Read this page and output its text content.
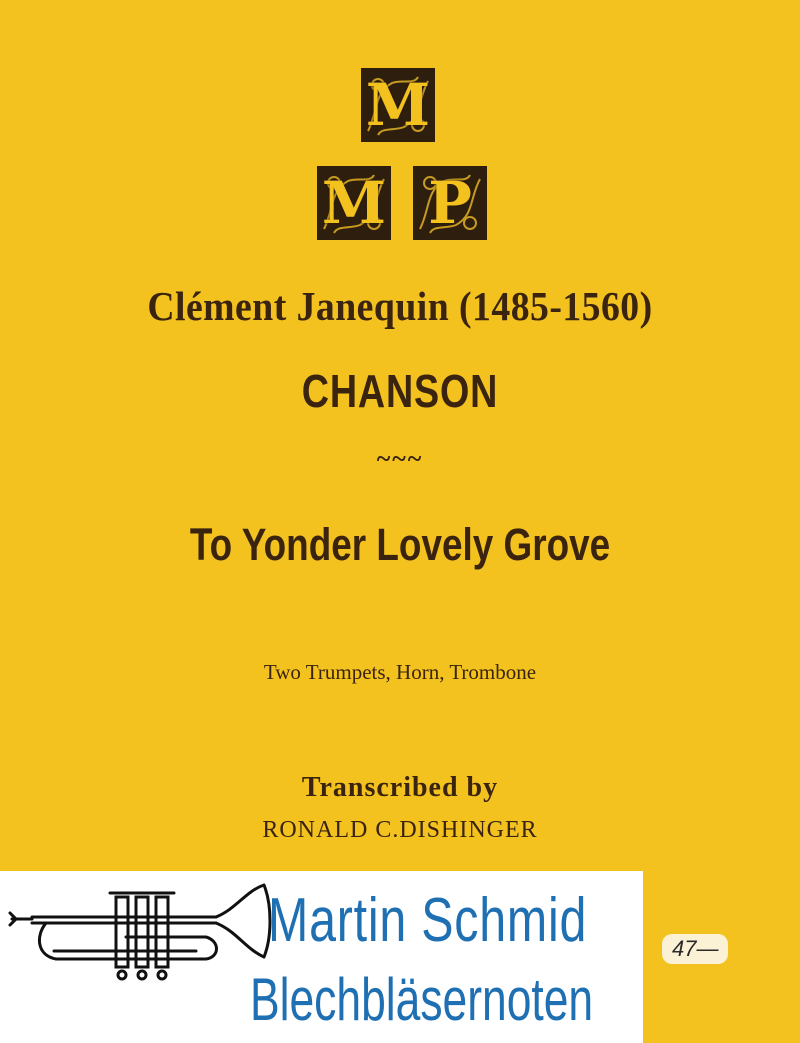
M
M P
Clément Janequin (1485-1560)
CHANSON
~~~
To Yonder Lovely Grove
Two Trumpets, Horn, Trombone
Transcribed by
RONALD C.DISHINGER
Martin Schmid
Blechbläsernoten
47—
